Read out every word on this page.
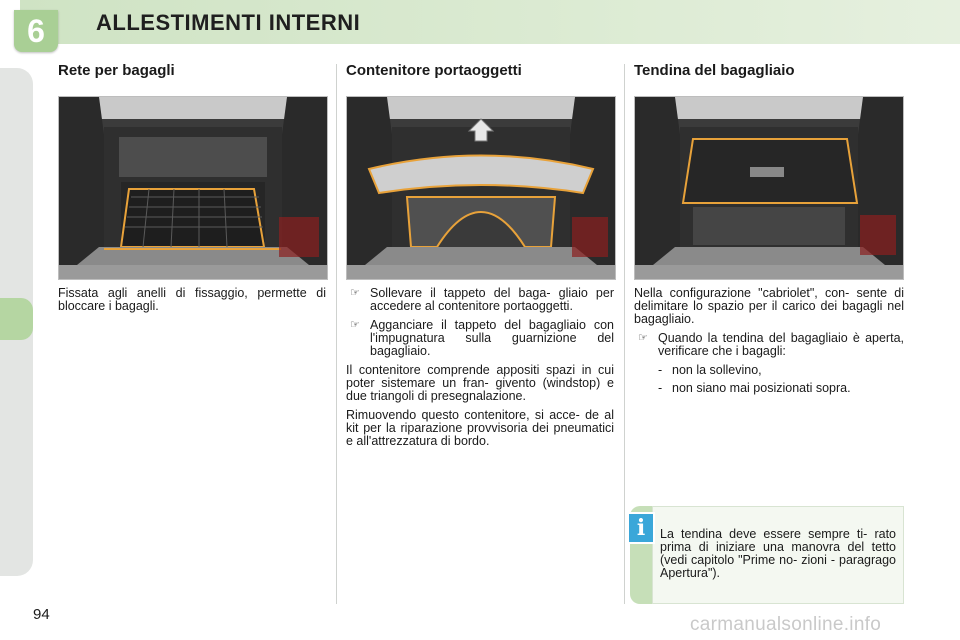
6	ALLESTIMENTI INTERNI
Rete per bagagli

Fissata agli anelli di fissaggio, permette di bloccare i bagagli.

Contenitore portaoggetti
☞ Sollevare il tappeto del baga- gliaio per accedere al contenitore portaoggetti.
☞ Agganciare il tappeto del bagagliaio con l'impugnatura sulla guarnizione del bagagliaio.

Il contenitore comprende appositi spazi in cui poter sistemare un fran- givento (windstop) e due triangoli di presegnalazione.

Rimuovendo questo contenitore, si acce- de al kit per la riparazione provvisoria dei pneumatici e all'attrezzatura di bordo.

Tendina del bagagliaio

Nella configurazione "cabriolet", con- sente di delimitare lo spazio per il carico dei bagagli nel bagagliaio.

☞ Quando la tendina del bagagliaio è aperta, verificare che i bagagli:
- non la sollevino,
- non siano mai posizionati sopra.
i	La tendina deve essere sempre ti- rato prima di iniziare una manovra del tetto (vedi capitolo "Prime no- zioni - paragrago Apertura").
94	carmanualsonline.info
